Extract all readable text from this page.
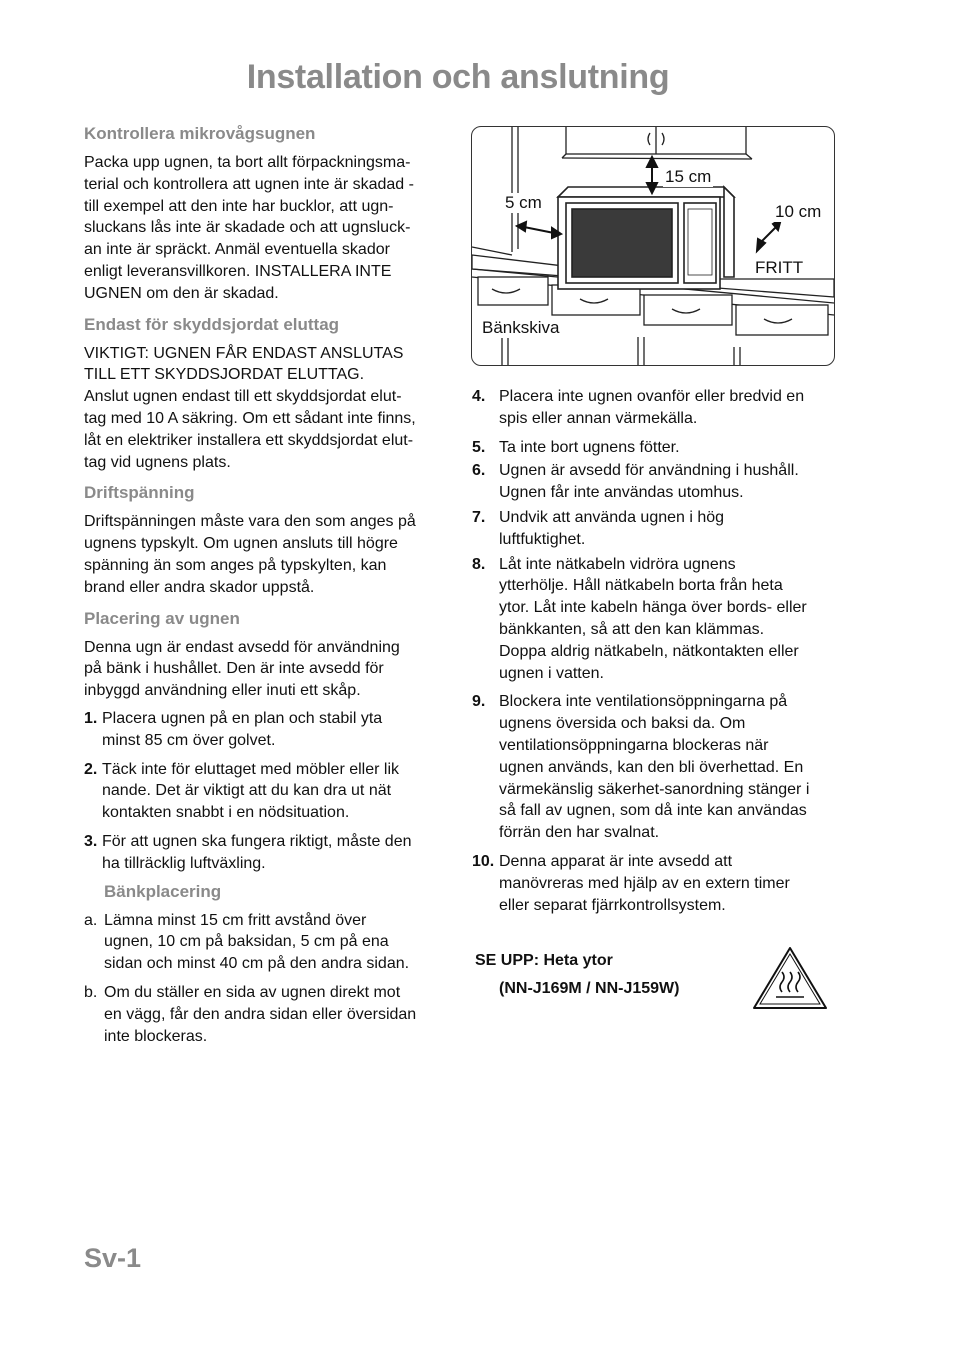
Installation och anslutning
Kontrollera mikrovågsugnen
Packa upp ugnen, ta bort allt förpackningsma-
terial och kontrollera att ugnen inte är skadad -
till exempel att den inte har bucklor, att ugn-
sluckans lås inte är skadade och att ugnsluck-
an inte är spräckt. Anmäl eventuella skador
enligt leveransvillkoren. INSTALLERA INTE
UGNEN om den är skadad.
Endast för skyddsjordat eluttag
VIKTIGT: UGNEN FÅR ENDAST ANSLUTAS
TILL ETT SKYDDSJORDAT ELUTTAG.
Anslut ugnen endast till ett skyddsjordat elut-
tag med 10 A säkring. Om ett sådant inte finns,
låt en elektriker installera ett skyddsjordat elut-
tag vid ugnens plats.
Driftspänning
Driftspänningen måste vara den som anges på
ugnens typskylt. Om ugnen ansluts till högre
spänning än som anges på typskylten, kan
brand eller andra skador uppstå.
Placering av ugnen
Denna ugn är endast avsedd för användning
på bänk i hushållet. Den är inte avsedd för
inbyggd användning eller inuti ett skåp.
1. Placera ugnen på en plan och stabil yta
minst 85 cm över golvet.
2. Täck inte för eluttaget med möbler eller lik
nande. Det är viktigt att du kan dra ut nät
kontakten snabbt i en nödsituation.
3. För att ugnen ska fungera riktigt, måste den
ha tillräcklig luftväxling.
Bänkplacering
a. Lämna minst 15 cm fritt avstånd över
ugnen, 10 cm på baksidan, 5 cm på ena
sidan och minst 40 cm på den andra sidan.
b. Om du ställer en sida av ugnen direkt mot
en vägg, får den andra sidan eller översidan
inte blockeras.
15 cm
5 cm	10 cm
FRITT
Bänkskiva
4. Placera inte ugnen ovanför eller bredvid en
spis eller annan värmekälla.
5. Ta inte bort ugnens fötter.
6. Ugnen är avsedd för användning i hushåll.
Ugnen får inte användas utomhus.
7. Undvik att använda ugnen i hög
luftfuktighet.
8. Låt inte nätkabeln vidröra ugnens
ytterhölje. Håll nätkabeln borta från heta
ytor. Låt inte kabeln hänga över bords- eller
bänkkanten, så att den kan klämmas.
Doppa aldrig nätkabeln, nätkontakten eller
ugnen i vatten.
9. Blockera inte ventilationsöppningarna på
ugnens översida och baksi da. Om
ventilationsöppningarna blockeras när
ugnen används, kan den bli överhettad. En
värmekänslig säkerhet-sanordning stänger i
så fall av ugnen, som då inte kan användas
förrän den har svalnat.
10. Denna apparat är inte avsedd att
manövreras med hjälp av en extern timer
eller separat fjärrkontrollsystem.
SE UPP: Heta ytor
(NN-J169M / NN-J159W)
Sv-1
